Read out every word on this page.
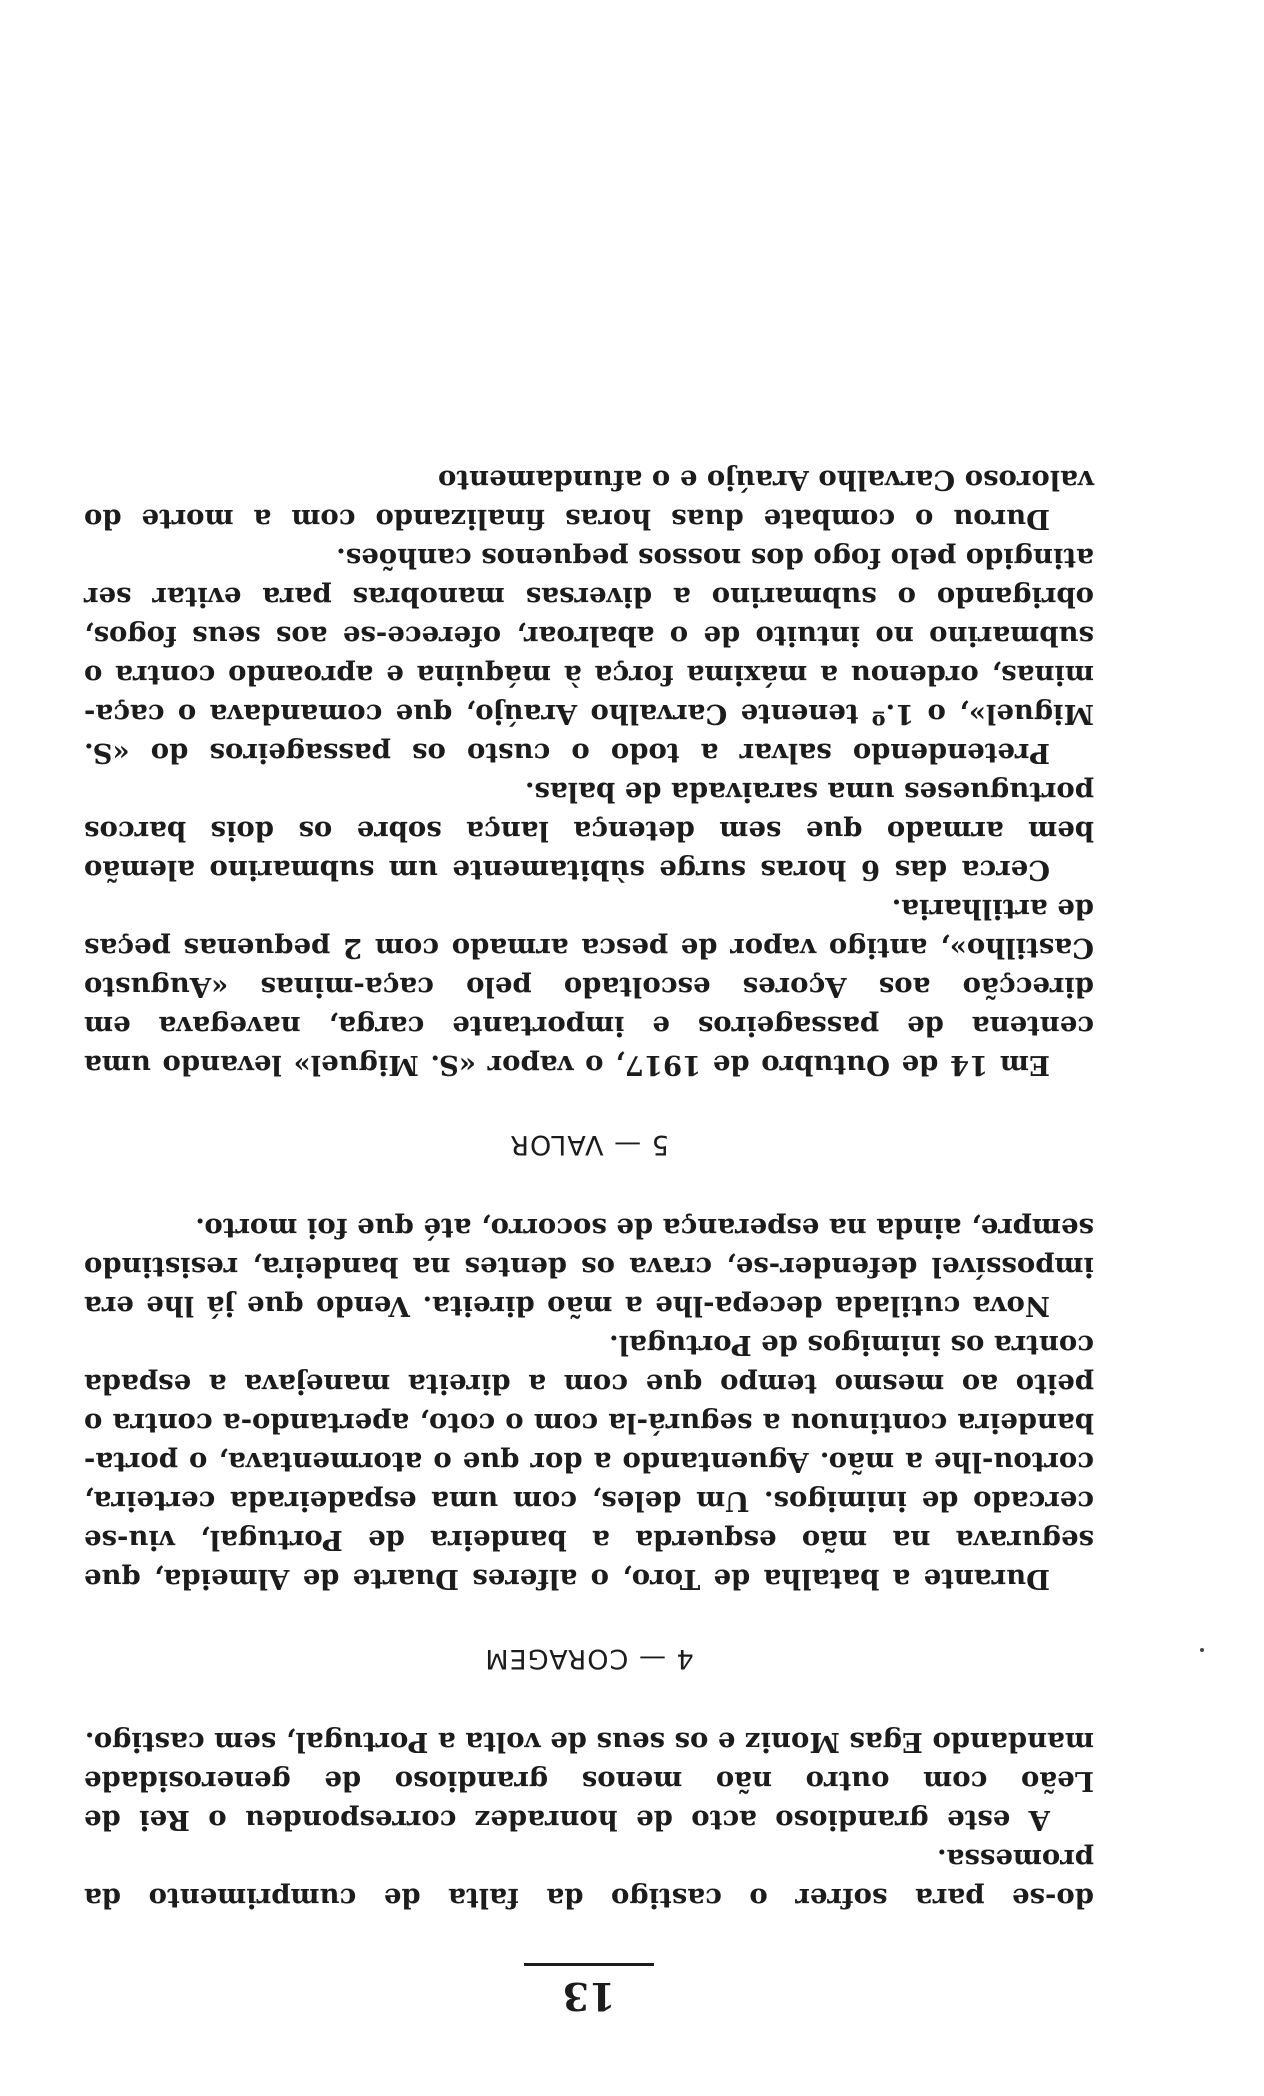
13

do-se para sofrer o castigo da falta de cumprimento da promessa.

A este grandioso acto de honradez correspondeu o Rei de Leão com outro não menos grandioso de generosidade mandando Egas Moniz e os seus de volta a Portugal, sem castigo.

4 — CORAGEM

Durante a batalha de Toro, o alferes Duarte de Almeida, que segurava na mão esquerda a bandeira de Portugal, viu-se cercado de inimigos. Um deles, com uma espadeirada certeira, cortou-lhe a mão. Aguentando a dor que o atormentava, o porta-bandeira continuou a segurá-la com o coto, apertando-a contra o peito ao mesmo tempo que com a direita manejava a espada contra os inimigos de Portugal.

Nova cutilada decepa-lhe a mão direita. Vendo que já lhe era impossível defender-se, crava os dentes na bandeira, resistindo sempre, ainda na esperança de socorro, até que foi morto.

5 — VALOR

Em 14 de Outubro de 1917, o vapor «S. Miguel» levando uma centena de passageiros e importante carga, navegava em direcção aos Açores escoltado pelo caça-minas «Augusto Castilho», antigo vapor de pesca armado com 2 pequenas peças de artilharia.

Cerca das 6 horas surge sùbitamente um submarino alemão bem armado que sem detença lança sobre os dois barcos portugueses uma saraivada de balas.

Pretendendo salvar a todo o custo os passageiros do «S. Miguel», o 1.º tenente Carvalho Araújo, que comandava o caça-minas, ordenou a máxima força à máquina e aproando contra o submarino no intuito de o abalroar, oferece-se aos seus fogos, obrigando o submarino a diversas manobras para evitar ser atingido pelo fogo dos nossos pequenos canhões.

Durou o combate duas horas finalizando com a morte do valoroso Carvalho Araújo e o afundamento
